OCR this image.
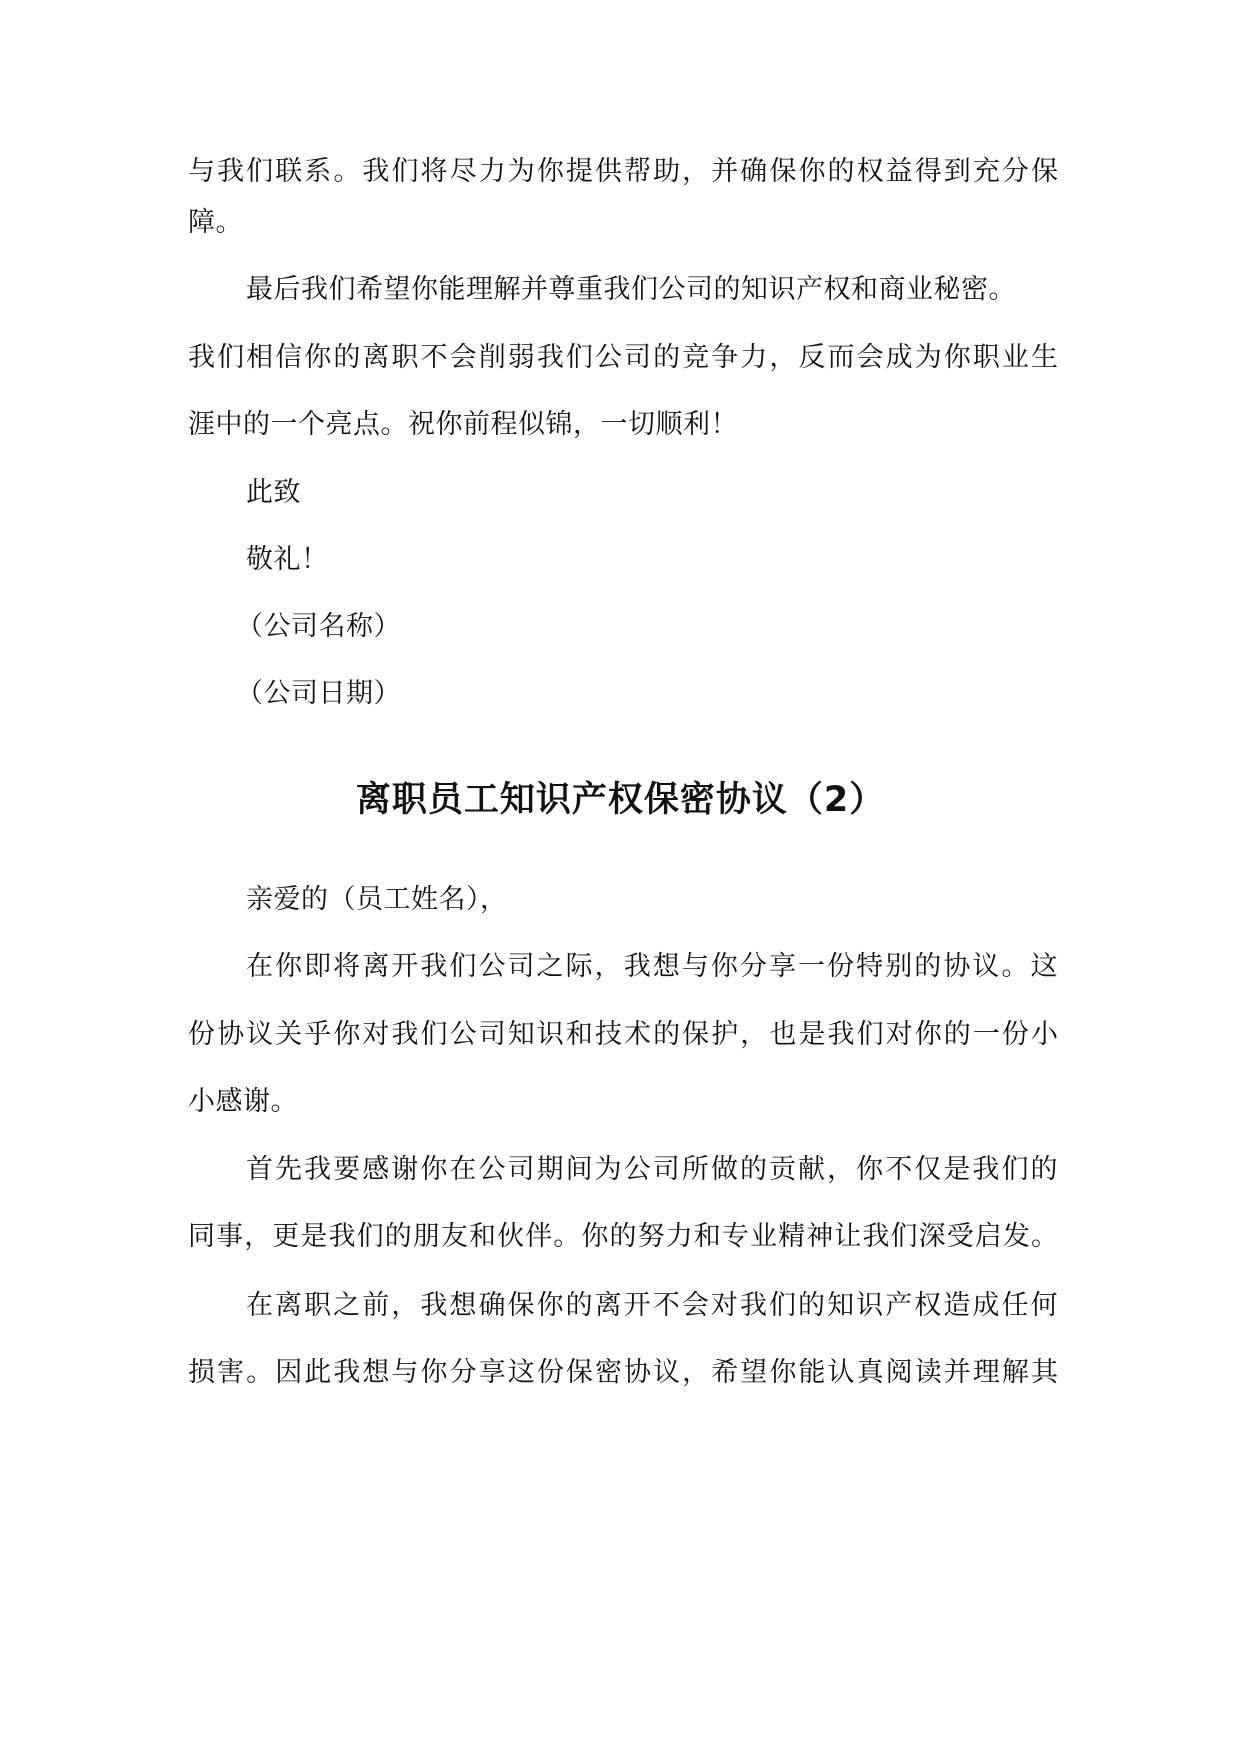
与我们联系。我们将尽力为你提供帮助，并确保你的权益得到充分保
障。
最后我们希望你能理解并尊重我们公司的知识产权和商业秘密。
我们相信你的离职不会削弱我们公司的竞争力，反而会成为你职业生
涯中的一个亮点。祝你前程似锦，一切顺利！
此致
敬礼！
（公司名称）
（公司日期）
离职员工知识产权保密协议（2）
亲爱的（员工姓名），
在你即将离开我们公司之际，我想与你分享一份特别的协议。这
份协议关乎你对我们公司知识和技术的保护，也是我们对你的一份小
小感谢。
首先我要感谢你在公司期间为公司所做的贡献，你不仅是我们的
同事，更是我们的朋友和伙伴。你的努力和专业精神让我们深受启发。
在离职之前，我想确保你的离开不会对我们的知识产权造成任何
损害。因此我想与你分享这份保密协议，希望你能认真阅读并理解其
